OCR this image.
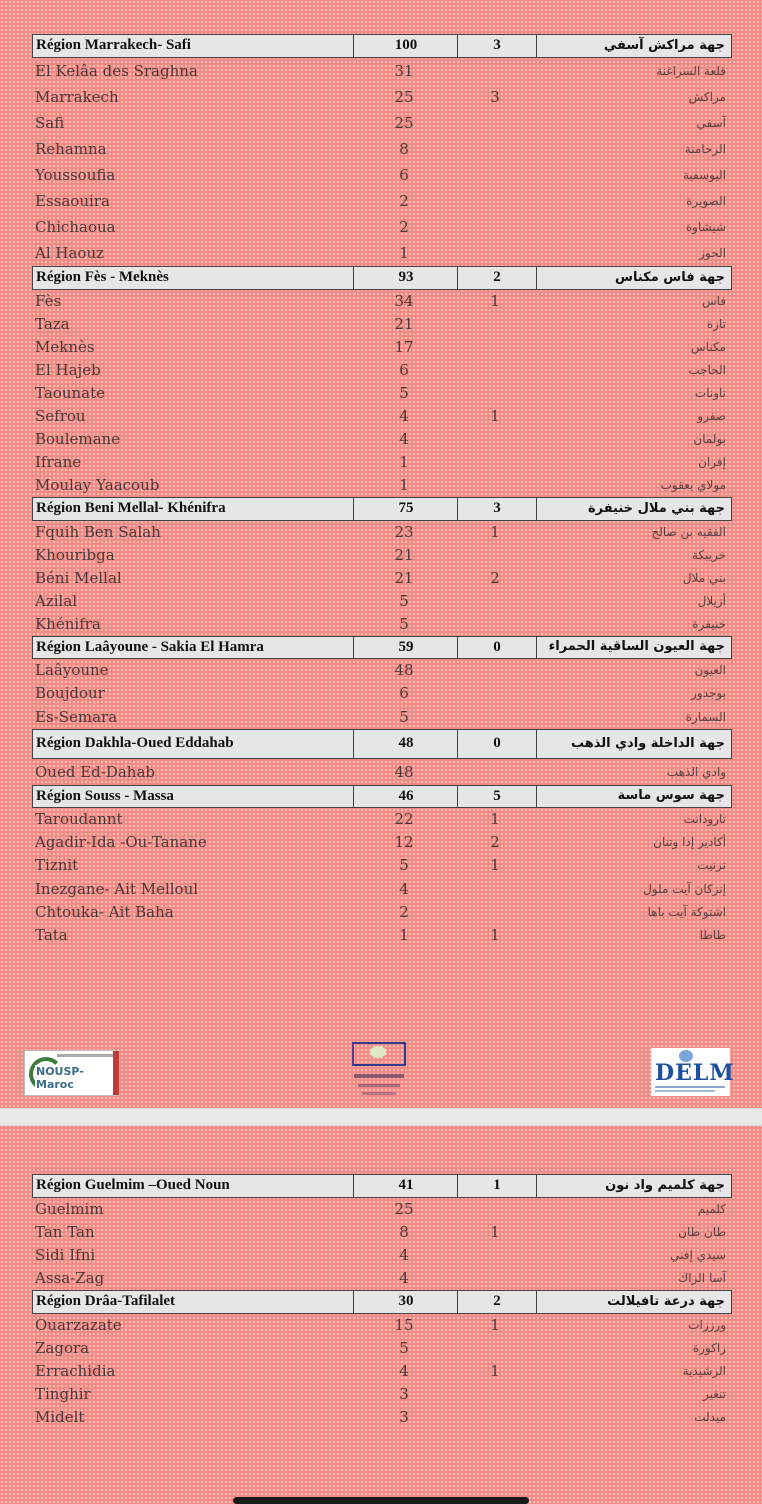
Région Marrakech- Safi	100	3	جهة مراكش آسفي
El Kelâa des Sraghna	31	قلعة السراغنة
Marrakech	25	3	مراكش
Safi	25	آسفي
Rehamna	8	الرحامنة
Youssoufia	6	اليوسفية
Essaouira	2	الصويرة
Chichaoua	2	شيشاوة
Al Haouz	1	الحوز
Région Fès - Meknès	93	2	جهة فاس مكناس
Fès	34	1	فاس
Taza	21	تازة
Meknès	17	مكناس
El Hajeb	6	الحاجب
Taounate	5	تاونات
Sefrou	4	1	صفرو
Boulemane	4	بولمان
Ifrane	1	إفران
Moulay Yaacoub	1	مولاي يعقوب
Région Beni Mellal- Khénifra	75	3	جهة بني ملال خنيفرة
Fquih Ben Salah	23	1	الفقيه بن صالح
Khouribga	21	خريبكة
Béni Mellal	21	2	بني ملال
Azilal	5	أزيلال
Khénifra	5	خنيفرة
Région Laâyoune - Sakia El Hamra	59	0	جهة العيون الساقية الحمراء
Laâyoune	48	العيون
Boujdour	6	بوجدور
Es-Semara	5	السمارة
Région Dakhla-Oued Eddahab	48	0	جهة الداخلة وادي الذهب
Oued Ed-Dahab	48	وادي الذهب
Région Souss - Massa	46	5	جهة سوس ماسة
Taroudannt	22	1	تارودانت
Agadir-Ida -Ou-Tanane	12	2	أكادير إدا وتنان
Tiznit	5	1	تزنيت
Inezgane- Ait Melloul	4	إنزكان آيت ملول
Chtouka- Ait Baha	2	اشتوكة آيت باها
Tata	1	1	طاطا
NOUSP-Maroc	DELM
Région Guelmim –Oued Noun	41	1	جهة كلميم واد نون
Guelmim	25	كلميم
Tan Tan	8	1	طان طان
Sidi Ifni	4	سيدي إفني
Assa-Zag	4	آسا الزاك
Région Drâa-Tafilalet	30	2	جهة درعة تافيلالت
Ouarzazate	15	1	ورززات
Zagora	5	زاكورة
Errachidia	4	1	الرشيدية
Tinghir	3	تنغير
Midelt	3	ميدلت
